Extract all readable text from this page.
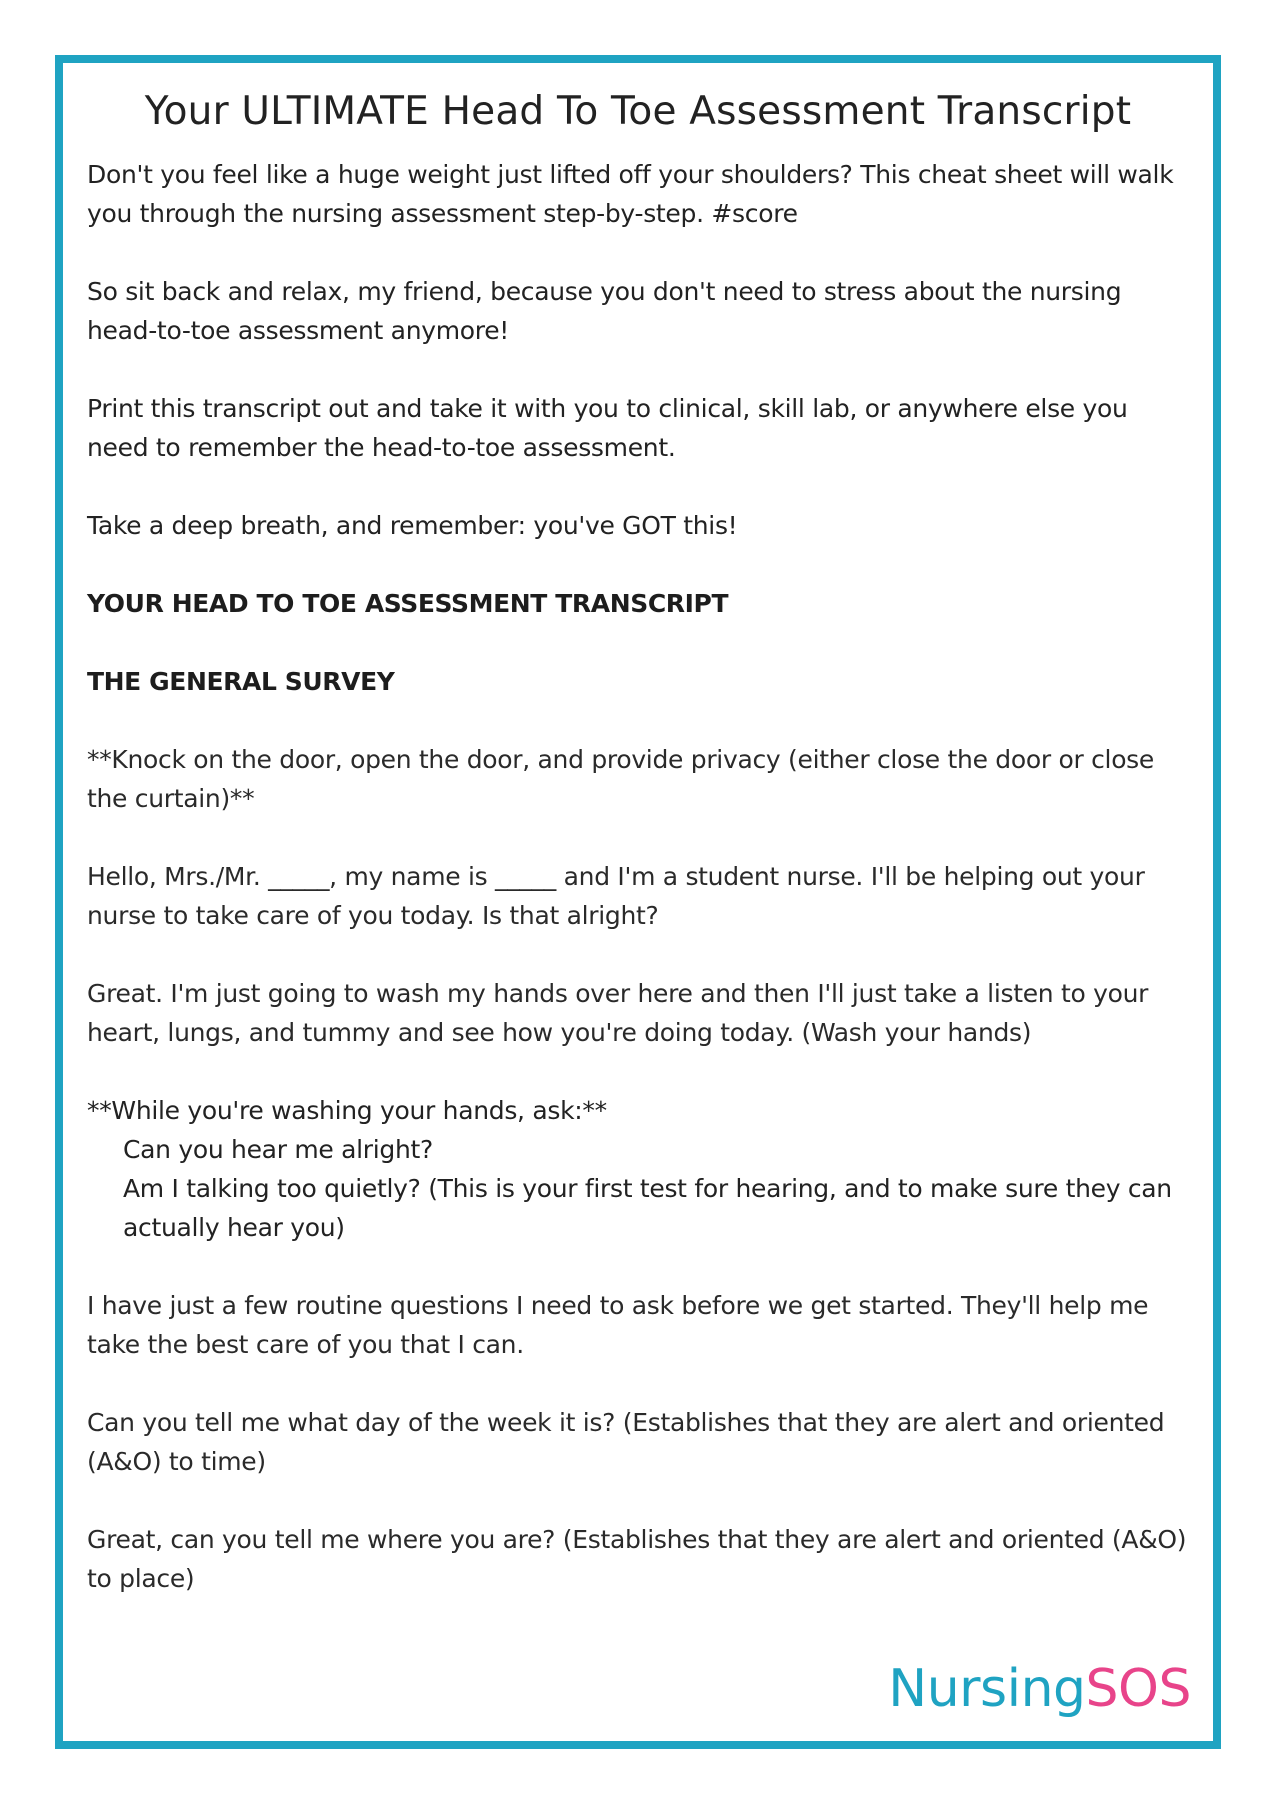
Your ULTIMATE Head To Toe Assessment Transcript

Don't you feel like a huge weight just lifted off your shoulders? This cheat sheet will walk you through the nursing assessment step-by-step. #score

So sit back and relax, my friend, because you don't need to stress about the nursing head-to-toe assessment anymore!

Print this transcript out and take it with you to clinical, skill lab, or anywhere else you need to remember the head-to-toe assessment.

Take a deep breath, and remember: you've GOT this!

YOUR HEAD TO TOE ASSESSMENT TRANSCRIPT

THE GENERAL SURVEY

**Knock on the door, open the door, and provide privacy (either close the door or close the curtain)**

Hello, Mrs./Mr. _____, my name is _____ and I'm a student nurse. I'll be helping out your nurse to take care of you today. Is that alright?

Great. I'm just going to wash my hands over here and then I'll just take a listen to your heart, lungs, and tummy and see how you're doing today. (Wash your hands)

**While you're washing your hands, ask:**
Can you hear me alright?
Am I talking too quietly? (This is your first test for hearing, and to make sure they can actually hear you)

I have just a few routine questions I need to ask before we get started. They'll help me take the best care of you that I can.

Can you tell me what day of the week it is? (Establishes that they are alert and oriented (A&O) to time)

Great, can you tell me where you are? (Establishes that they are alert and oriented (A&O) to place)

NursingSOS
